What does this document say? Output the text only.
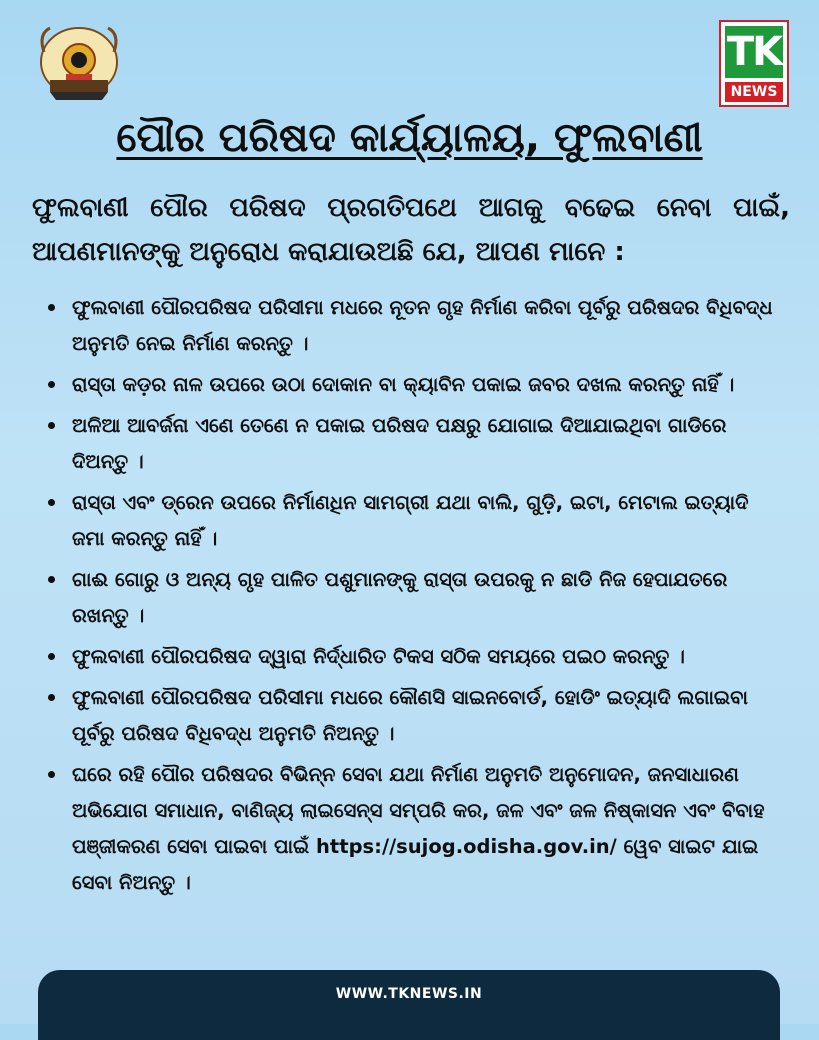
TK
NEWS
ପୌର ପରିଷଦ କାର୍ଯ୍ୟାଳୟ, ଫୁଲବାଣୀ
ଫୁଲବାଣୀ ପୌର ପରିଷଦ ପ୍ରଗତିପଥେ ଆଗକୁ ବଢେଇ ନେବା ପାଇଁ, ଆପଣମାନଙ୍କୁ ଅନୁରୋଧ କରାଯାଉଅଛି ଯେ, ଆପଣ ମାନେ :
ଫୁଲବାଣୀ ପୌରପରିଷଦ ପରିସୀମା ମଧରେ ନୂତନ ଗୃହ ନିର୍ମାଣ କରିବା ପୂର୍ବରୁ ପରିଷଦର ବିଧିବଦ୍ଧ ଅନୁମତି ନେଇ ନିର୍ମାଣ କରନ୍ତୁ ।
ରାସ୍ତା କଡ଼ର ନାଳ ଉପରେ ଉଠା ଦୋକାନ ବା କ୍ୟାବିନ ପକାଇ ଜବର ଦଖଲ କରନ୍ତୁ ନାହିଁ ।
ଅଳିଆ ଆବର୍ଜନା ଏଣେ ତେଣେ ନ ପକାଇ ପରିଷଦ ପକ୍ଷରୁ ଯୋଗାଇ ଦିଆଯାଇଥିବା ଗାଡିରେ ଦିଅନ୍ତୁ ।
ରାସ୍ତା ଏବଂ ଡ୍ରେନ ଉପରେ ନିର୍ମାଣଧିନ ସାମଗ୍ରୀ ଯଥା ବାଲି, ଗୁଡ଼ି, ଇଟା, ମେଟାଲ ଇତ୍ୟାଦି ଜମା କରନ୍ତୁ ନାହିଁ ।
ଗାଈ ଗୋରୁ ଓ ଅନ୍ୟ ଗୃହ ପାଳିତ ପଶୁମାନଙ୍କୁ ରାସ୍ତା ଉପରକୁ ନ ଛାଡି ନିଜ ହେପାଯତରେ ରଖନ୍ତୁ ।
ଫୁଲବାଣୀ ପୌରପରିଷଦ ଦ୍ୱାରା ନିର୍ଦ୍ଧାରିତ ଟିକସ ସଠିକ ସମୟରେ ପଇଠ କରନ୍ତୁ ।
ଫୁଲବାଣୀ ପୌରପରିଷଦ ପରିସୀମା ମଧରେ କୌଣସି ସାଇନବୋର୍ଡ, ହୋଡିଂ ଇତ୍ୟାଦି ଲଗାଇବା ପୂର୍ବରୁ ପରିଷଦ ବିଧିବଦ୍ଧ ଅନୁମତି ନିଅନ୍ତୁ ।
ଘରେ ରହି ପୌର ପରିଷଦର ବିଭିନ୍ନ ସେବା ଯଥା ନିର୍ମାଣ ଅନୁମତି ଅନୁମୋଦନ, ଜନସାଧାରଣ ଅଭିଯୋଗ ସମାଧାନ, ବାଣିଜ୍ୟ ଲାଇସେନ୍ସ ସମ୍ପରି କର, ଜଳ ଏବଂ ଜଳ ନିଷ୍କାସନ ଏବଂ ବିବାହ ପଞ୍ଜୀକରଣ ସେବା ପାଇବା ପାଇଁ https://sujog.odisha.gov.in/ ୱେବ ସାଇଟ ଯାଇ ସେବା ନିଅନ୍ତୁ ।
WWW.TKNEWS.IN
